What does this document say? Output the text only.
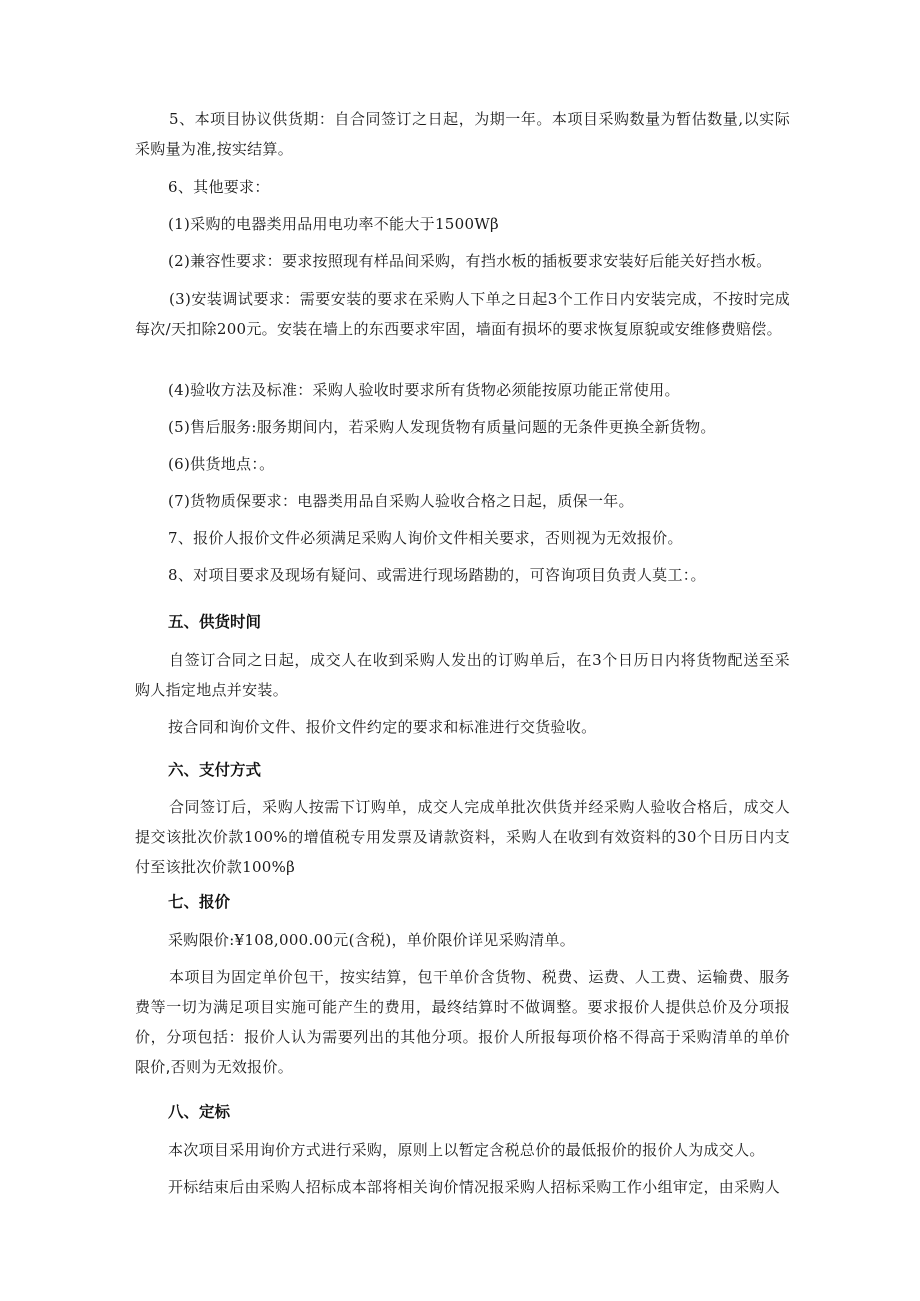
5、本项目协议供货期：自合同签订之日起，为期一年。本项目采购数量为暂估数量,以实际采购量为准,按实结算。

6、其他要求：

(1)采购的电器类用品用电功率不能大于1500Wβ

(2)兼容性要求：要求按照现有样品间采购，有挡水板的插板要求安装好后能关好挡水板。

(3)安装调试要求：需要安装的要求在采购人下单之日起3个工作日内安装完成，不按时完成每次/天扣除200元。安装在墙上的东西要求牢固，墙面有损坏的要求恢复原貌或安维修费赔偿。

(4)验收方法及标准：采购人验收时要求所有货物必须能按原功能正常使用。

(5)售后服务:服务期间内，若采购人发现货物有质量问题的无条件更换全新货物。

(6)供货地点：。

(7)货物质保要求：电器类用品自采购人验收合格之日起，质保一年。

7、报价人报价文件必须满足采购人询价文件相关要求，否则视为无效报价。

8、对项目要求及现场有疑问、或需进行现场踏勘的，可咨询项目负责人莫工：。

五、供货时间

自签订合同之日起，成交人在收到采购人发出的订购单后，在3个日历日内将货物配送至采购人指定地点并安装。

按合同和询价文件、报价文件约定的要求和标准进行交货验收。

六、支付方式

合同签订后，采购人按需下订购单，成交人完成单批次供货并经采购人验收合格后，成交人提交该批次价款100%的增值税专用发票及请款资料，采购人在收到有效资料的30个日历日内支付至该批次价款100%β

七、报价

采购限价:¥108,000.00元(含税)，单价限价详见采购清单。

本项目为固定单价包干，按实结算，包干单价含货物、税费、运费、人工费、运输费、服务费等一切为满足项目实施可能产生的费用，最终结算时不做调整。要求报价人提供总价及分项报价，分项包括：报价人认为需要列出的其他分项。报价人所报每项价格不得高于采购清单的单价限价,否则为无效报价。

八、定标

本次项目采用询价方式进行采购，原则上以暂定含税总价的最低报价的报价人为成交人。

开标结束后由采购人招标成本部将相关询价情况报采购人招标采购工作小组审定，由采购人
